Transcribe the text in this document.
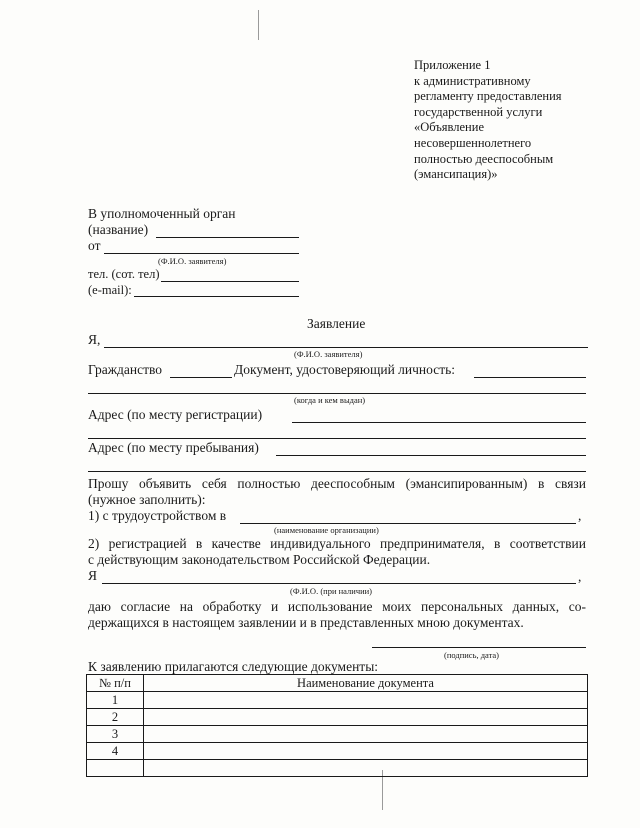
Приложение 1
к административному
регламенту предоставления
государственной услуги
«Объявление
несовершеннолетнего
полностью дееспособным
(эмансипация)»
В уполномоченный орган
(название)
от
(Ф.И.О. заявителя)
тел. (сот. тел)
(e-mail):
Заявление
Я,
(Ф.И.О. заявителя)
Гражданство	Документ, удостоверяющий личность:
(когда и кем выдан)
Адрес (по месту регистрации)
Адрес (по месту пребывания)
Прошу объявить себя полностью дееспособным (эмансипированным) в связи
(нужное заполнить):
1) с трудоустройством в	,
(наименование организации)
2) регистрацией в качестве индивидуального предпринимателя, в соответствии
с действующим законодательством Российской Федерации.
Я	,
(Ф.И.О. (при наличии)
даю согласие на обработку и использование моих персональных данных, со-
держащихся в настоящем заявлении и в представленных мною документах.
(подпись, дата)
К заявлению прилагаются следующие документы:
№ п/п	Наименование документа
1	
2	
3	
4	
